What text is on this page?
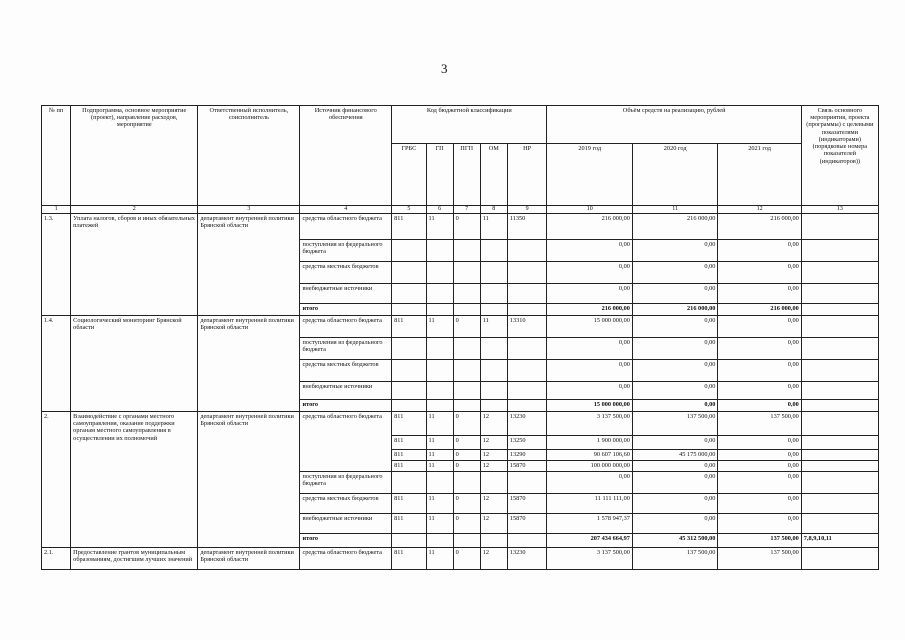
3
№ пп	Подпрограмма, основное мероприятие (проект), направление расходов, мероприятие	Ответственный исполнитель, соисполнитель	Источник финансового обеспечения	Код бюджетной классификации					Объём средств на реализацию, рублей			Связь основного мероприятия, проекта (программы) с целевыми показателями (индикаторами) (порядковые номера показателей (индикаторов))
				ГРБС	ГП	ПГП	ОМ	НР	2019 год	2020 год	2021 год	
1	2	3	4	5	6	7	8	9	10	11	12	13
1.3.	Уплата налогов, сборов и иных обязательных платежей	департамент внутренней политики Брянской области	средства областного бюджета	811	11	0	11	11350	216 000,00	216 000,00	216 000,00	
			поступления из федерального бюджета						0,00	0,00	0,00	
			средства местных бюджетов						0,00	0,00	0,00	
			внебюджетные источники						0,00	0,00	0,00	
			итого						216 000,00	216 000,00	216 000,00	
1.4.	Социологический мониторинг Брянской области	департамент внутренней политики Брянской области	средства областного бюджета	811	11	0	11	13310	15 000 000,00	0,00	0,00	
			поступления из федерального бюджета						0,00	0,00	0,00	
			средства местных бюджетов						0,00	0,00	0,00	
			внебюджетные источники						0,00	0,00	0,00	
			итого						15 000 000,00	0,00	0,00	
2.	Взаимодействие с органами местного самоуправления, оказание поддержки органам местного самоуправления в осуществлении их полномочий	департамент внутренней политики Брянской области	средства областного бюджета	811	11	0	12	13230	3 137 500,00	137 500,00	137 500,00	
				811	11	0	12	13250	1 900 000,00	0,00	0,00	
				811	11	0	12	13290	90 607 106,60	45 175 000,00	0,00	
				811	11	0	12	15870	100 000 000,00	0,00	0,00	
			поступления из федерального бюджета						0,00	0,00	0,00	
			средства местных бюджетов	811	11	0	12	15870	11 111 111,00	0,00	0,00	
			внебюджетные источники	811	11	0	12	15870	1 578 947,37	0,00	0,00	
			итого						207 434 664,97	45 312 500,00	137 500,00	7,8,9,10,11
2.1.	Предоставление грантов муниципальным образованиям, достигшим лучших значений	департамент внутренней политики Брянской области	средства областного бюджета	811	11	0	12	13230	3 137 500,00	137 500,00	137 500,00	
